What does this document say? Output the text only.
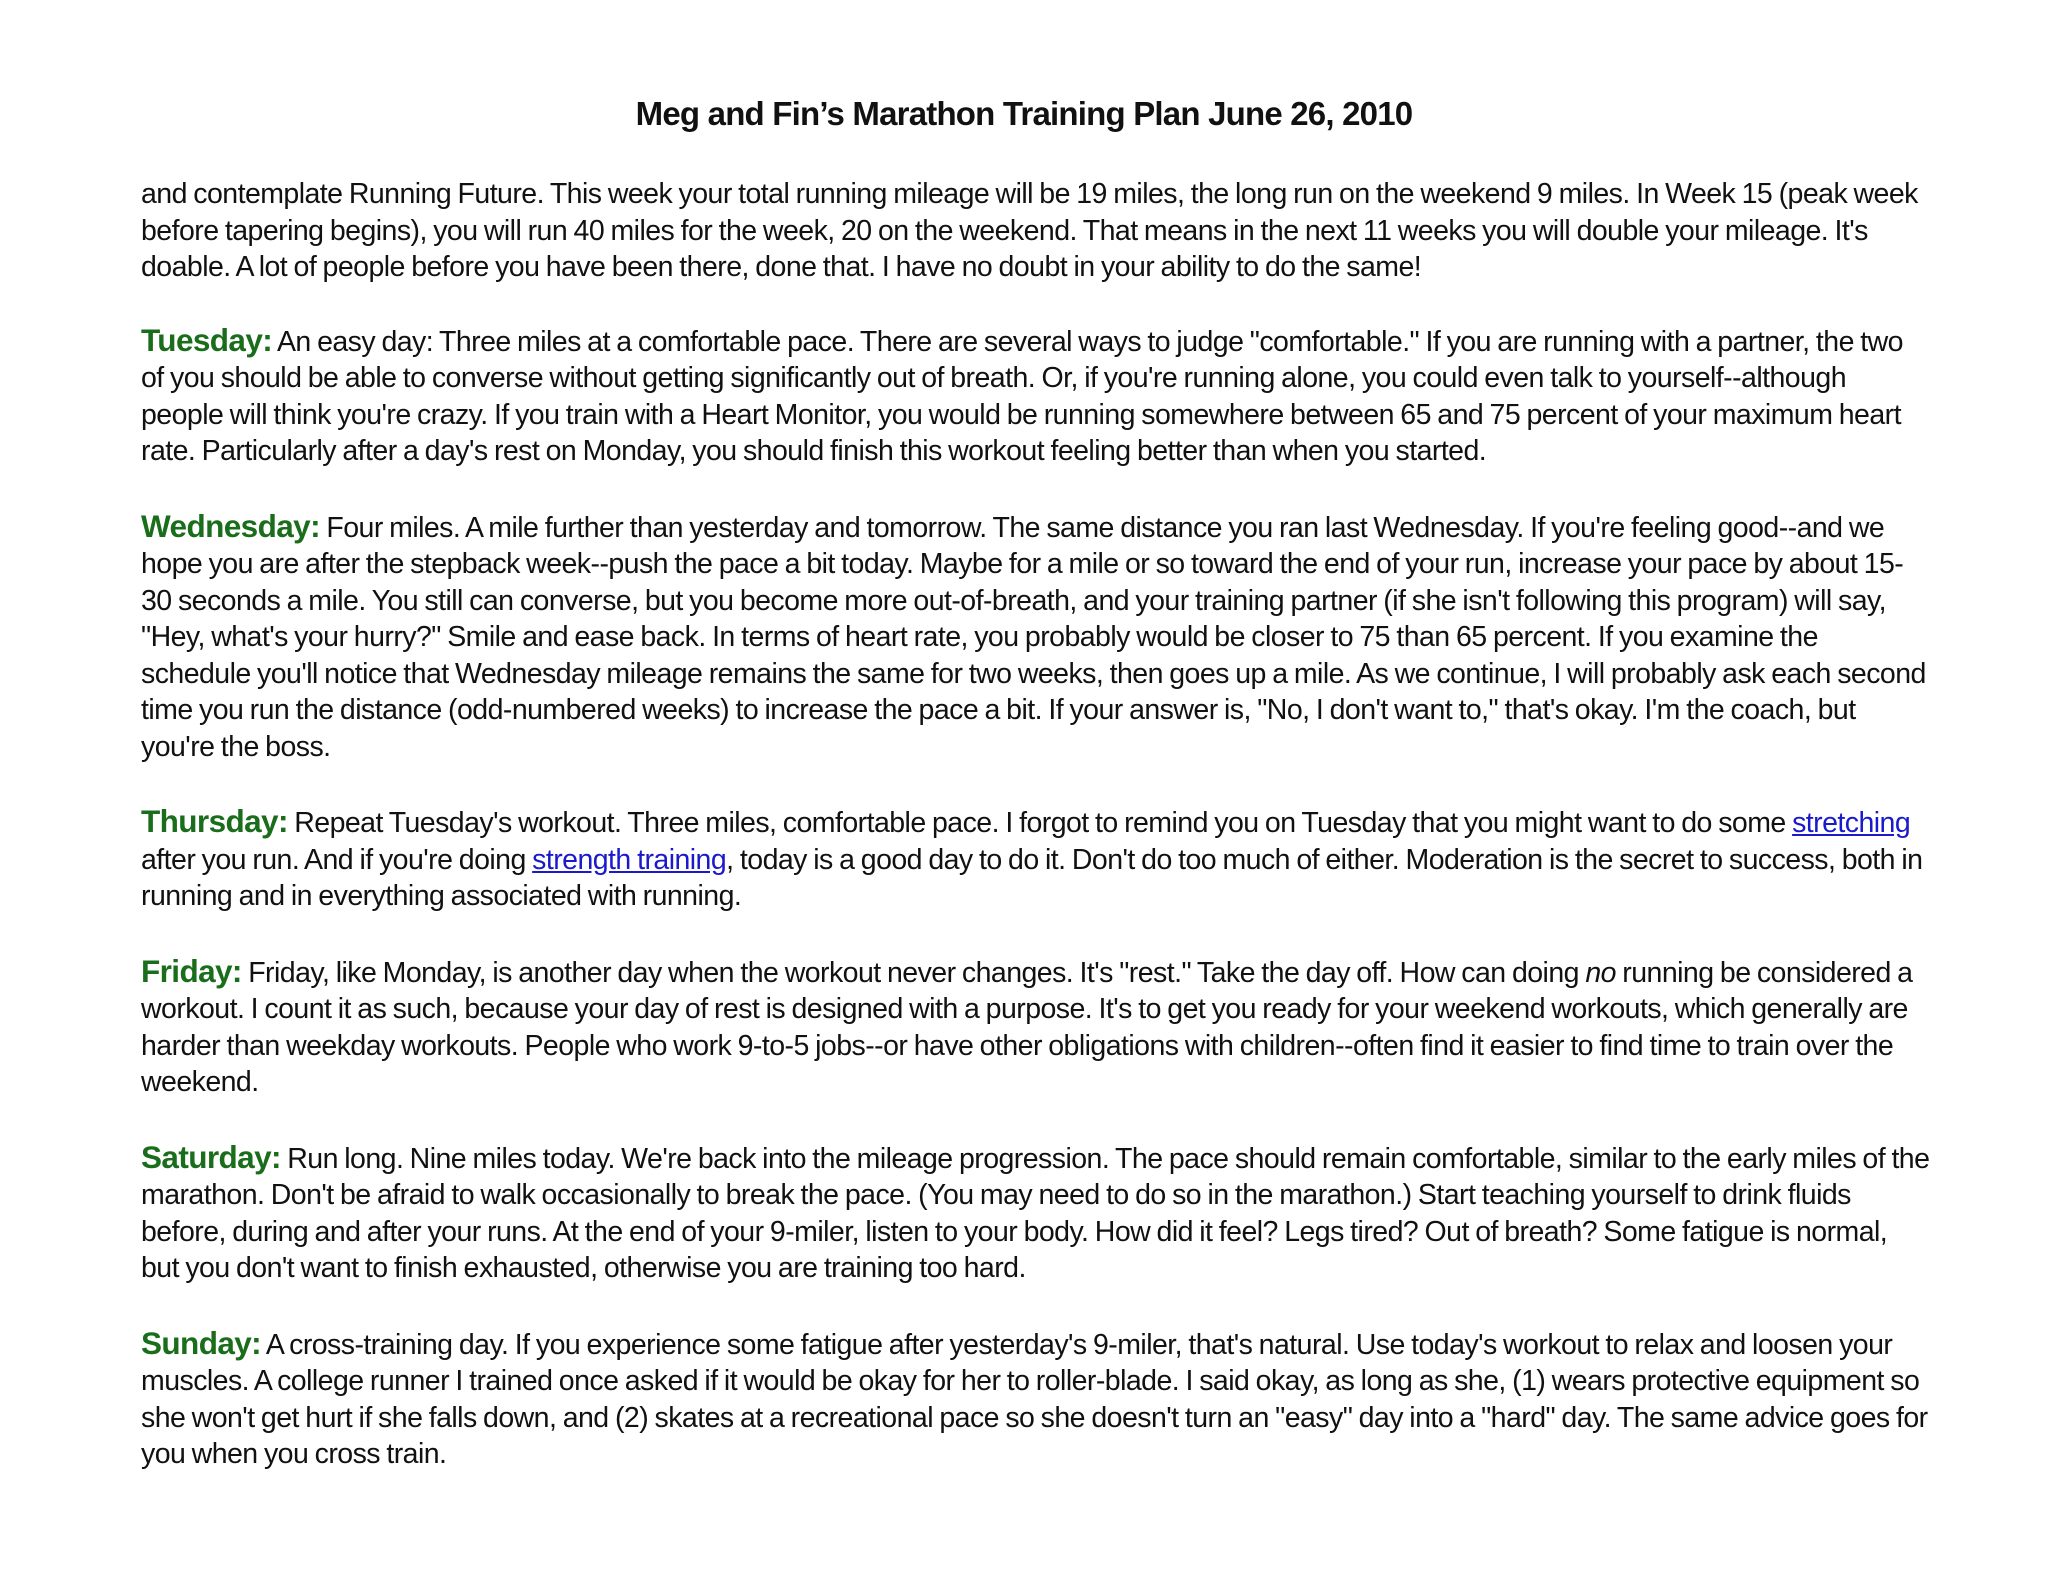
Meg and Fin’s Marathon Training Plan June 26, 2010

and contemplate Running Future. This week your total running mileage will be 19 miles, the long run on the weekend 9 miles. In Week 15 (peak week before tapering begins), you will run 40 miles for the week, 20 on the weekend. That means in the next 11 weeks you will double your mileage. It's doable. A lot of people before you have been there, done that. I have no doubt in your ability to do the same!

Tuesday: An easy day: Three miles at a comfortable pace. There are several ways to judge "comfortable." If you are running with a partner, the two of you should be able to converse without getting significantly out of breath. Or, if you're running alone, you could even talk to yourself--although people will think you're crazy. If you train with a Heart Monitor, you would be running somewhere between 65 and 75 percent of your maximum heart rate. Particularly after a day's rest on Monday, you should finish this workout feeling better than when you started.

Wednesday: Four miles. A mile further than yesterday and tomorrow. The same distance you ran last Wednesday. If you're feeling good--and we hope you are after the stepback week--push the pace a bit today. Maybe for a mile or so toward the end of your run, increase your pace by about 15-30 seconds a mile. You still can converse, but you become more out-of-breath, and your training partner (if she isn't following this program) will say, "Hey, what's your hurry?" Smile and ease back. In terms of heart rate, you probably would be closer to 75 than 65 percent. If you examine the schedule you'll notice that Wednesday mileage remains the same for two weeks, then goes up a mile. As we continue, I will probably ask each second time you run the distance (odd-numbered weeks) to increase the pace a bit. If your answer is, "No, I don't want to," that's okay. I'm the coach, but you're the boss.

Thursday: Repeat Tuesday's workout. Three miles, comfortable pace. I forgot to remind you on Tuesday that you might want to do some stretching after you run. And if you're doing strength training, today is a good day to do it. Don't do too much of either. Moderation is the secret to success, both in running and in everything associated with running.

Friday: Friday, like Monday, is another day when the workout never changes. It's "rest." Take the day off. How can doing no running be considered a workout. I count it as such, because your day of rest is designed with a purpose. It's to get you ready for your weekend workouts, which generally are harder than weekday workouts. People who work 9-to-5 jobs--or have other obligations with children--often find it easier to find time to train over the weekend.

Saturday: Run long. Nine miles today. We're back into the mileage progression. The pace should remain comfortable, similar to the early miles of the marathon. Don't be afraid to walk occasionally to break the pace. (You may need to do so in the marathon.) Start teaching yourself to drink fluids before, during and after your runs. At the end of your 9-miler, listen to your body. How did it feel? Legs tired? Out of breath? Some fatigue is normal, but you don't want to finish exhausted, otherwise you are training too hard.

Sunday: A cross-training day. If you experience some fatigue after yesterday's 9-miler, that's natural. Use today's workout to relax and loosen your muscles. A college runner I trained once asked if it would be okay for her to roller-blade. I said okay, as long as she, (1) wears protective equipment so she won't get hurt if she falls down, and (2) skates at a recreational pace so she doesn't turn an "easy" day into a "hard" day. The same advice goes for you when you cross train.
